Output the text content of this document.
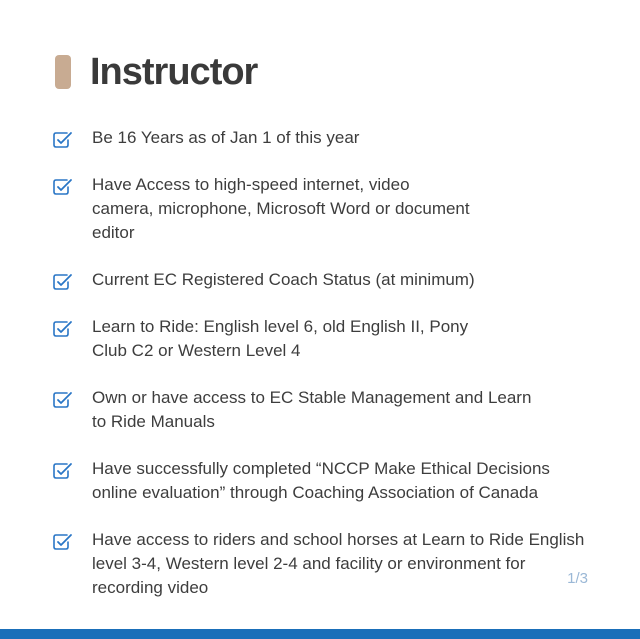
Instructor
Be 16 Years as of Jan 1 of this year
Have Access to high-speed internet, video camera, microphone, Microsoft Word or document editor
Current EC Registered Coach Status (at minimum)
Learn to Ride: English level 6, old English II, Pony Club C2 or Western Level 4
Own or have access to EC Stable Management and Learn to Ride Manuals
Have successfully completed “NCCP Make Ethical Decisions online evaluation” through Coaching Association of Canada
Have access to riders and school horses at Learn to Ride English level 3-4, Western level 2-4 and facility or environment for recording video	1/3
